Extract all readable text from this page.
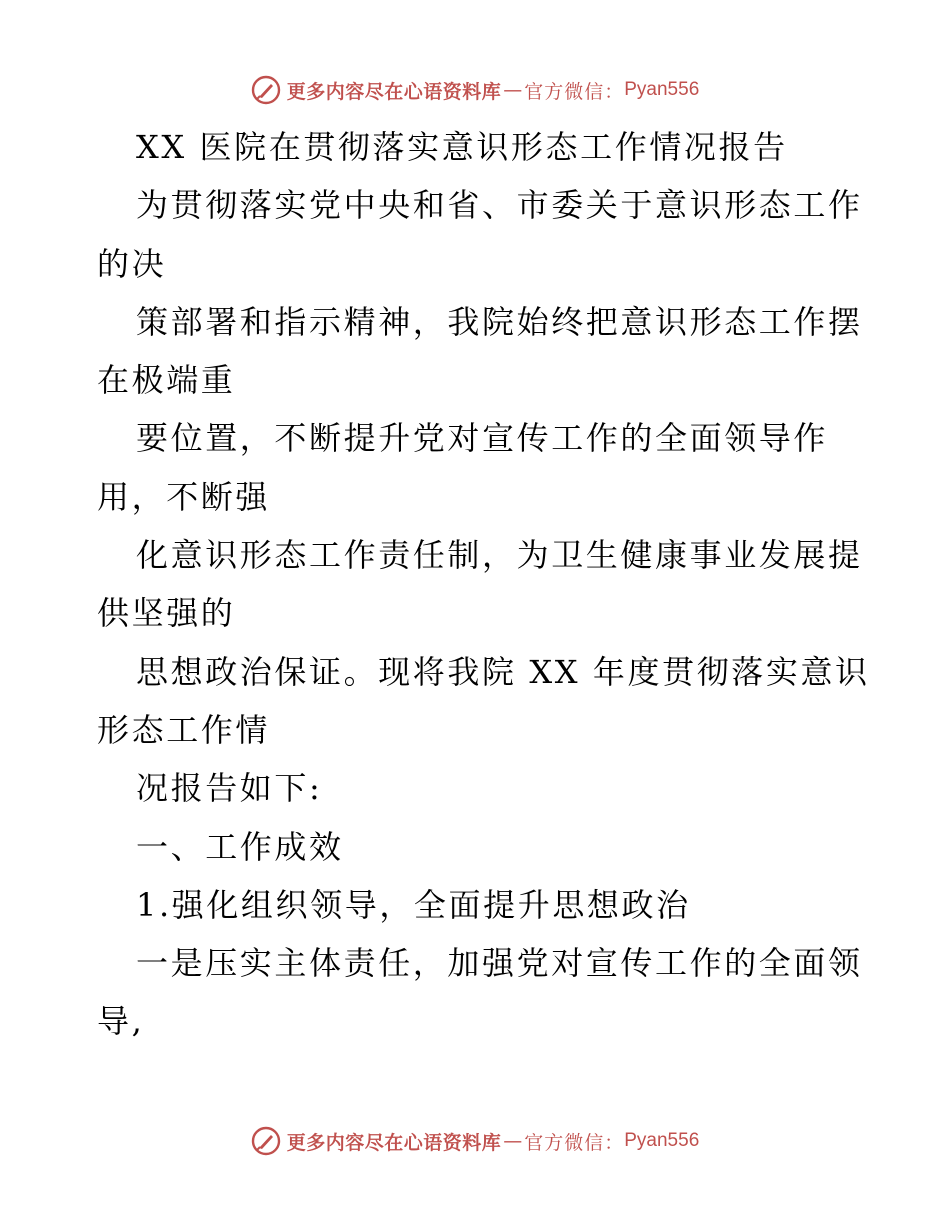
更多内容尽在心语资料库 — 官方微信： Pyan556
XX 医院在贯彻落实意识形态工作情况报告
为贯彻落实党中央和省、市委关于意识形态工作
的决
策部署和指示精神，我院始终把意识形态工作摆
在极端重
要位置，不断提升党对宣传工作的全面领导作
用，不断强
化意识形态工作责任制，为卫生健康事业发展提
供坚强的
思想政治保证。现将我院 XX 年度贯彻落实意识
形态工作情
况报告如下:
一、工作成效
1.强化组织领导，全面提升思想政治
一是压实主体责任，加强党对宣传工作的全面领
导,
更多内容尽在心语资料库 — 官方微信： Pyan556
